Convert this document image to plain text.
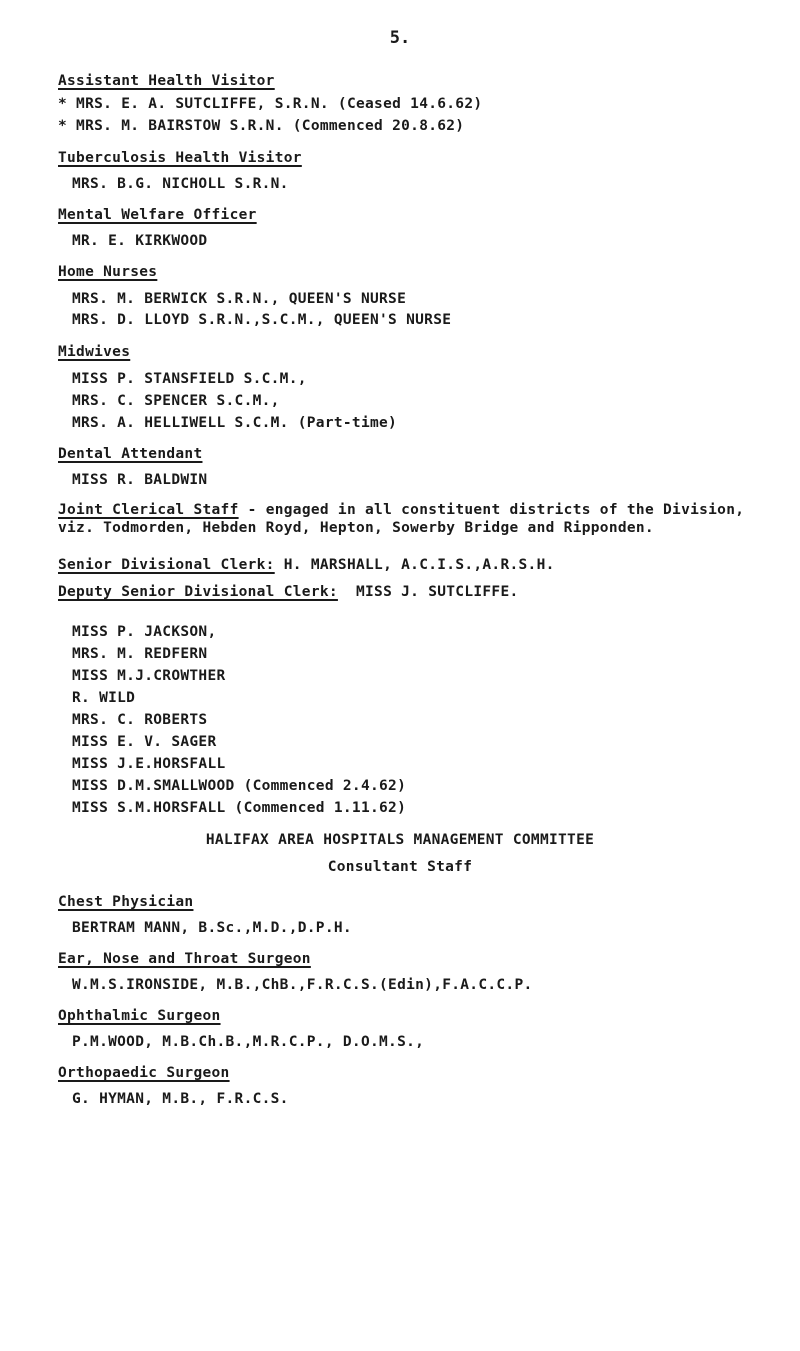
5.
Assistant Health Visitor
* MRS. E. A. SUTCLIFFE, S.R.N. (Ceased 14.6.62)
* MRS. M. BAIRSTOW S.R.N. (Commenced 20.8.62)
Tuberculosis Health Visitor
MRS. B.G. NICHOLL S.R.N.
Mental Welfare Officer
MR. E. KIRKWOOD
Home Nurses
MRS. M. BERWICK S.R.N., QUEEN'S NURSE
MRS. D. LLOYD S.R.N.,S.C.M., QUEEN'S NURSE
Midwives
MISS P. STANSFIELD S.C.M.,
MRS. C. SPENCER S.C.M.,
MRS. A. HELLIWELL S.C.M. (Part-time)
Dental Attendant
MISS R. BALDWIN
Joint Clerical Staff - engaged in all constituent districts of the Division, viz. Todmorden, Hebden Royd, Hepton, Sowerby Bridge and Ripponden.
Senior Divisional Clerk: H. MARSHALL, A.C.I.S.,A.R.S.H.
Deputy Senior Divisional Clerk: MISS J. SUTCLIFFE.
MISS P. JACKSON,
MRS. M. REDFERN
MISS M.J.CROWTHER
R. WILD
MRS. C. ROBERTS
MISS E. V. SAGER
MISS J.E.HORSFALL
MISS D.M.SMALLWOOD (Commenced 2.4.62)
MISS S.M.HORSFALL (Commenced 1.11.62)
HALIFAX AREA HOSPITALS MANAGEMENT COMMITTEE
Consultant Staff
Chest Physician
BERTRAM MANN, B.Sc.,M.D.,D.P.H.
Ear, Nose and Throat Surgeon
W.M.S.IRONSIDE, M.B.,ChB.,F.R.C.S.(Edin),F.A.C.C.P.
Ophthalmic Surgeon
P.M.WOOD, M.B.Ch.B.,M.R.C.P., D.O.M.S.,
Orthopaedic Surgeon
G. HYMAN, M.B., F.R.C.S.
